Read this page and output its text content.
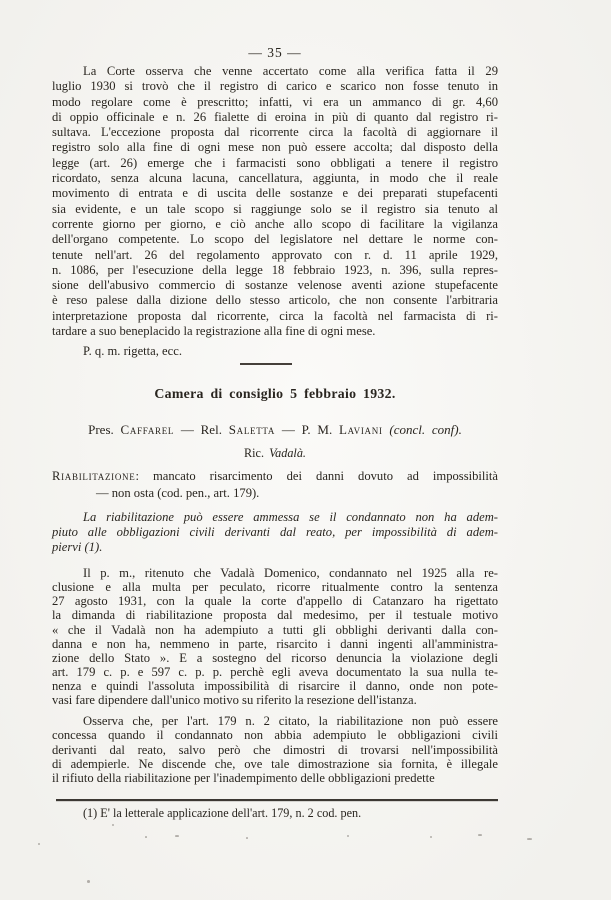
— 35 —
La Corte osserva che venne accertato come alla verifica fatta il 29
luglio 1930 si trovò che il registro di carico e scarico non fosse tenuto in
modo regolare come è prescritto; infatti, vi era un ammanco di gr. 4,60
di oppio officinale e n. 26 fialette di eroina in più di quanto dal registro ri-
sultava. L'eccezione proposta dal ricorrente circa la facoltà di aggiornare il
registro solo alla fine di ogni mese non può essere accolta; dal disposto della
legge (art. 26) emerge che i farmacisti sono obbligati a tenere il registro
ricordato, senza alcuna lacuna, cancellatura, aggiunta, in modo che il reale
movimento di entrata e di uscita delle sostanze e dei preparati stupefacenti
sia evidente, e un tale scopo si raggiunge solo se il registro sia tenuto al
corrente giorno per giorno, e ciò anche allo scopo di facilitare la vigilanza
dell'organo competente. Lo scopo del legislatore nel dettare le norme con-
tenute nell'art. 26 del regolamento approvato con r. d. 11 aprile 1929,
n. 1086, per l'esecuzione della legge 18 febbraio 1923, n. 396, sulla repres-
sione dell'abusivo commercio di sostanze velenose aventi azione stupefacente
è reso palese dalla dizione dello stesso articolo, che non consente l'arbitraria
interpretazione proposta dal ricorrente, circa la facoltà nel farmacista di ri-
tardare a suo beneplacido la registrazione alla fine di ogni mese.
P. q. m. rigetta, ecc.
Camera di consiglio 5 febbraio 1932.
Pres. Caffarel — Rel. Saletta — P. M. Laviani (concl. conf).
Ric. Vadalà.
Riabilitazione: mancato risarcimento dei danni dovuto ad impossibilità
— non osta (cod. pen., art. 179).
La riabilitazione può essere ammessa se il condannato non ha adem-
piuto alle obbligazioni civili derivanti dal reato, per impossibilità di adem-
piervi (1).
Il p. m., ritenuto che Vadalà Domenico, condannato nel 1925 alla re-
clusione e alla multa per peculato, ricorre ritualmente contro la sentenza
27 agosto 1931, con la quale la corte d'appello di Catanzaro ha rigettato
la dimanda di riabilitazione proposta dal medesimo, per il testuale motivo
« che il Vadalà non ha adempiuto a tutti gli obblighi derivanti dalla con-
danna e non ha, nemmeno in parte, risarcito i danni ingenti all'amministra-
zione dello Stato ». E a sostegno del ricorso denuncia la violazione degli
art. 179 c. p. e 597 c. p. p. perchè egli aveva documentato la sua nulla te-
nenza e quindi l'assoluta impossibilità di risarcire il danno, onde non pote-
vasi fare dipendere dall'unico motivo su riferito la resezione dell'istanza.
Osserva che, per l'art. 179 n. 2 citato, la riabilitazione non può essere
concessa quando il condannato non abbia adempiuto le obbligazioni civili
derivanti dal reato, salvo però che dimostri di trovarsi nell'impossibilità
di adempierle. Ne discende che, ove tale dimostrazione sia fornita, è illegale
il rifiuto della riabilitazione per l'inadempimento delle obbligazioni predette
(1) E' la letterale applicazione dell'art. 179, n. 2 cod. pen.
